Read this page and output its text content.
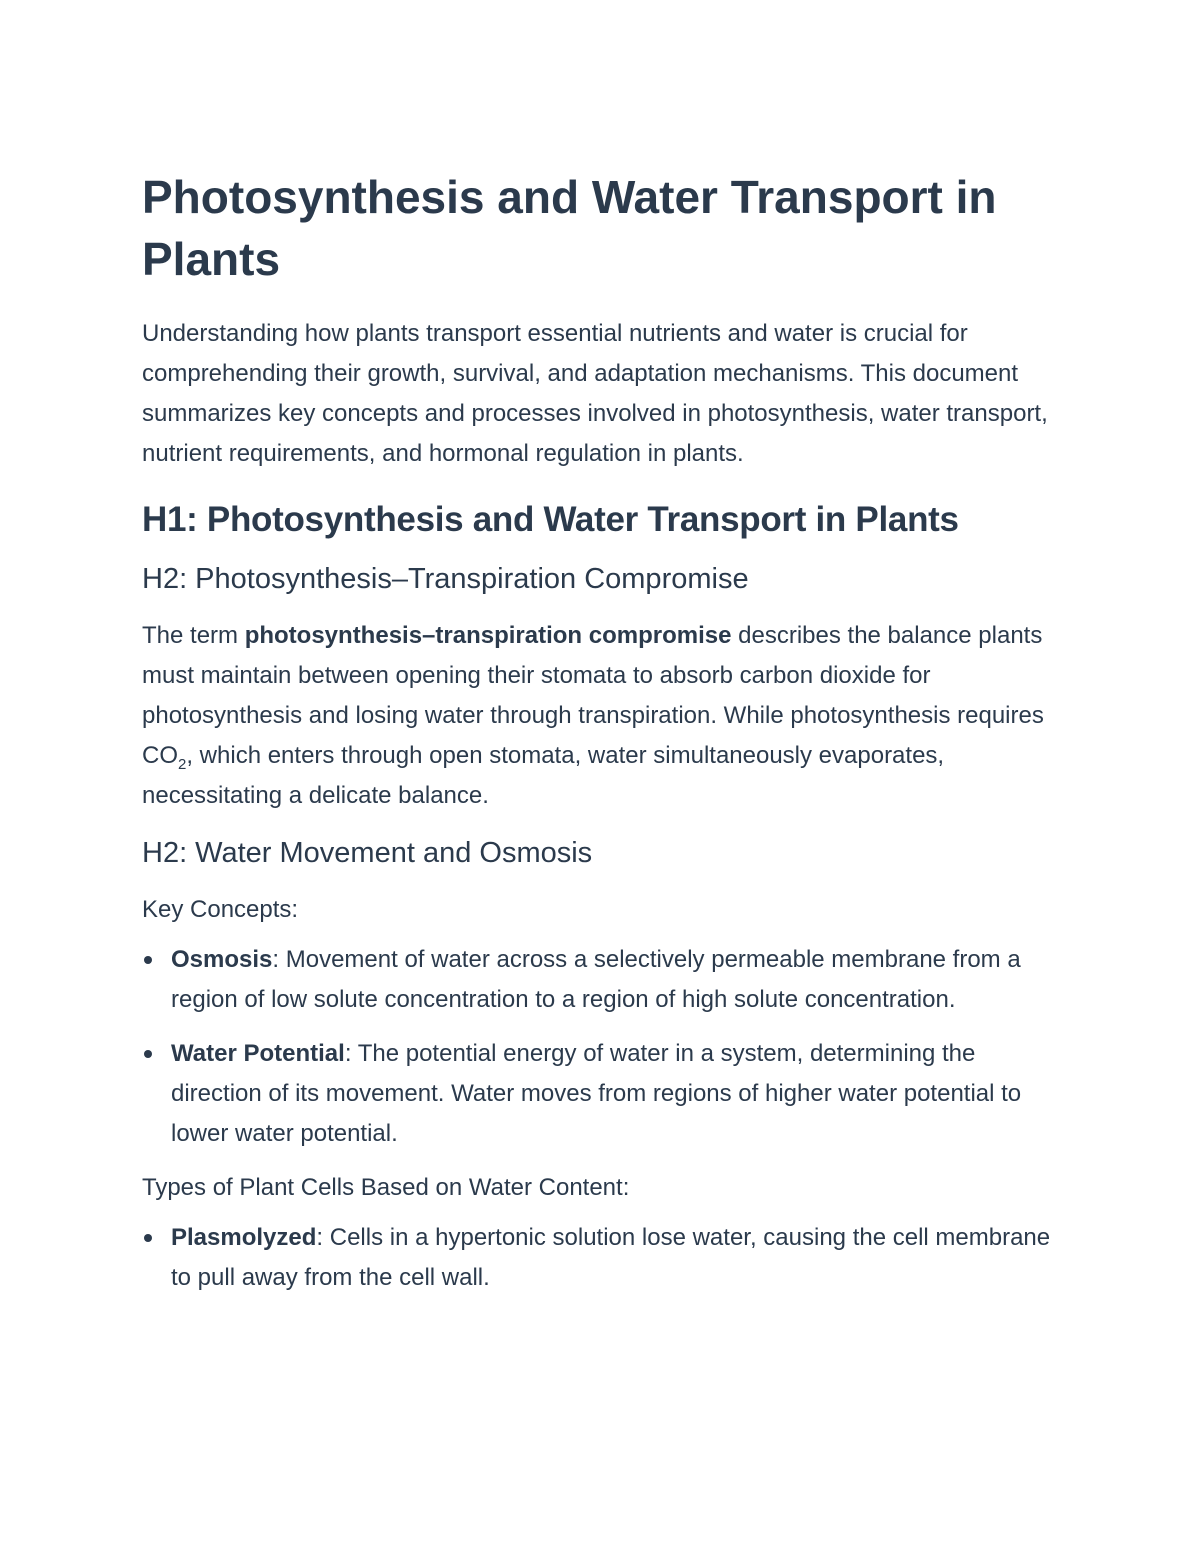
Photosynthesis and Water Transport in Plants

Understanding how plants transport essential nutrients and water is crucial for comprehending their growth, survival, and adaptation mechanisms. This document summarizes key concepts and processes involved in photosynthesis, water transport, nutrient requirements, and hormonal regulation in plants.

H1: Photosynthesis and Water Transport in Plants
H2: Photosynthesis–Transpiration Compromise

The term photosynthesis–transpiration compromise describes the balance plants must maintain between opening their stomata to absorb carbon dioxide for photosynthesis and losing water through transpiration. While photosynthesis requires $CO_2$, which enters through open stomata, water simultaneously evaporates, necessitating a delicate balance.

H2: Water Movement and Osmosis

Key Concepts:

Osmosis: Movement of water across a selectively permeable membrane from a region of low solute concentration to a region of high solute concentration.
Water Potential: The potential energy of water in a system, determining the direction of its movement. Water moves from regions of higher water potential to lower water potential.

Types of Plant Cells Based on Water Content:

Plasmolyzed: Cells in a hypertonic solution lose water, causing the cell membrane to pull away from the cell wall.
